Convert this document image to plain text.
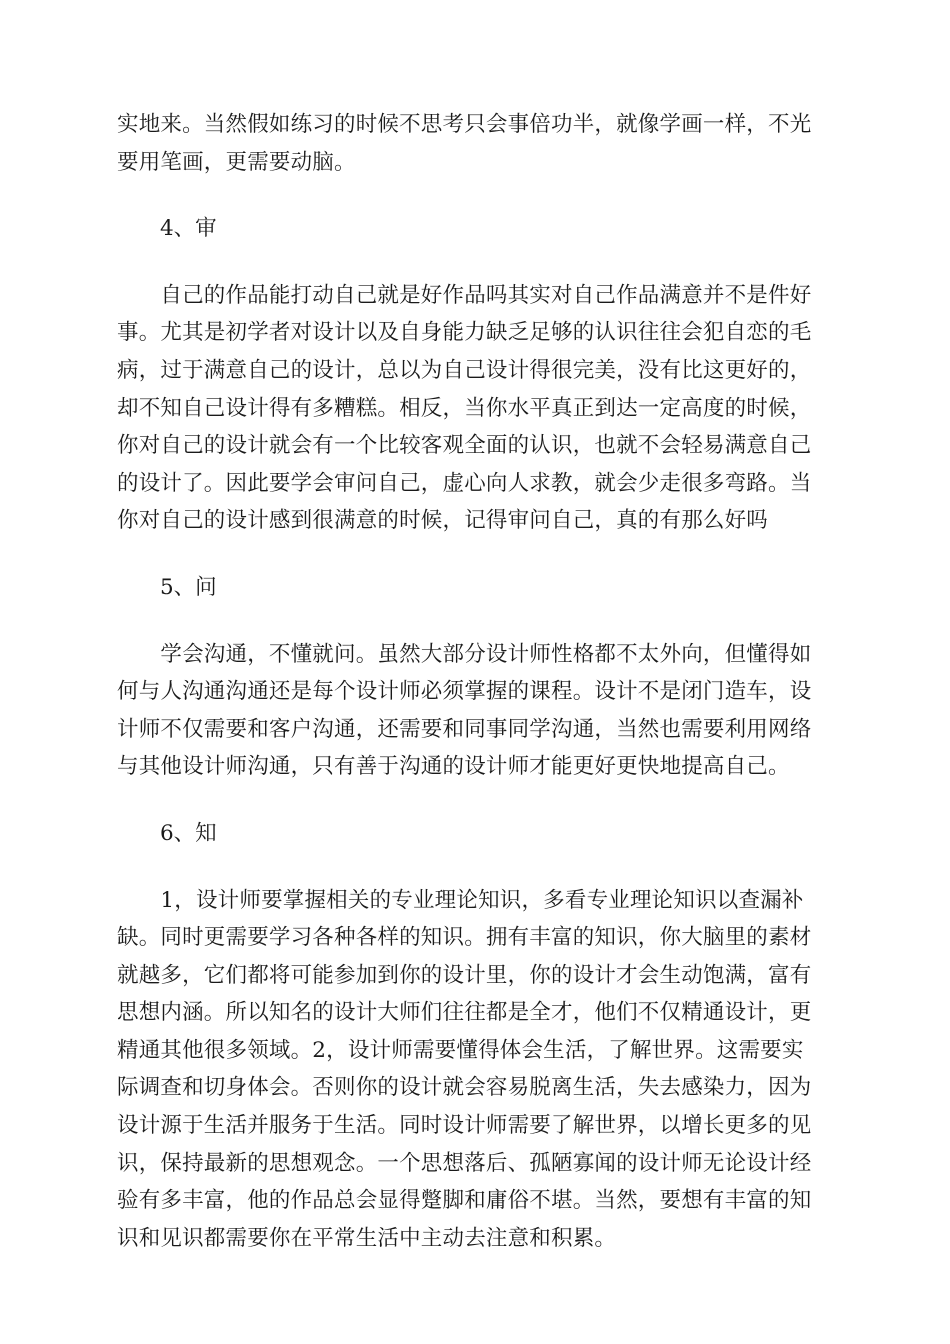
实地来。当然假如练习的时候不思考只会事倍功半，就像学画一样，不光
要用笔画，更需要动脑。
4、审
　　自己的作品能打动自己就是好作品吗其实对自己作品满意并不是件好
事。尤其是初学者对设计以及自身能力缺乏足够的认识往往会犯自恋的毛
病，过于满意自己的设计，总以为自己设计得很完美，没有比这更好的，
却不知自己设计得有多糟糕。相反，当你水平真正到达一定高度的时候，
你对自己的设计就会有一个比较客观全面的认识，也就不会轻易满意自己
的设计了。因此要学会审问自己，虚心向人求教，就会少走很多弯路。当
你对自己的设计感到很满意的时候，记得审问自己，真的有那么好吗
5、问
　　学会沟通，不懂就问。虽然大部分设计师性格都不太外向，但懂得如
何与人沟通沟通还是每个设计师必须掌握的课程。设计不是闭门造车，设
计师不仅需要和客户沟通，还需要和同事同学沟通，当然也需要利用网络
与其他设计师沟通，只有善于沟通的设计师才能更好更快地提高自己。
6、知
　　1，设计师要掌握相关的专业理论知识，多看专业理论知识以查漏补
缺。同时更需要学习各种各样的知识。拥有丰富的知识，你大脑里的素材
就越多，它们都将可能参加到你的设计里，你的设计才会生动饱满，富有
思想内涵。所以知名的设计大师们往往都是全才，他们不仅精通设计，更
精通其他很多领域。2，设计师需要懂得体会生活，了解世界。这需要实
际调查和切身体会。否则你的设计就会容易脱离生活，失去感染力，因为
设计源于生活并服务于生活。同时设计师需要了解世界，以增长更多的见
识，保持最新的思想观念。一个思想落后、孤陋寡闻的设计师无论设计经
验有多丰富，他的作品总会显得蹩脚和庸俗不堪。当然，要想有丰富的知
识和见识都需要你在平常生活中主动去注意和积累。
